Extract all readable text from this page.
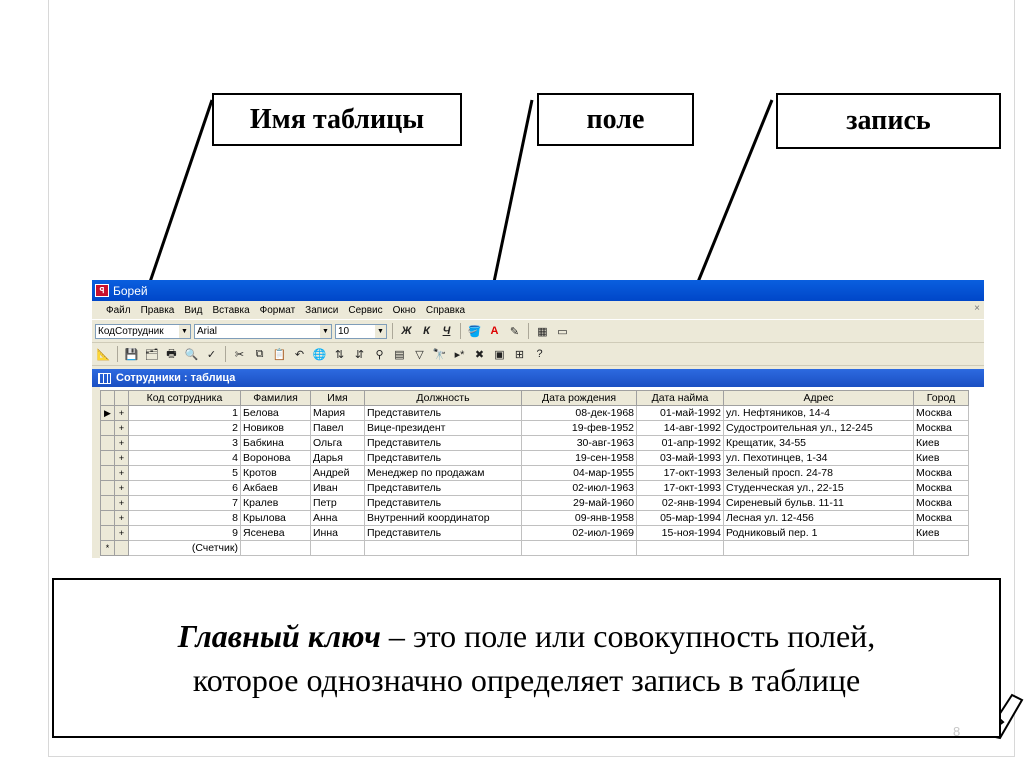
Имя таблицы	поле	запись
ꟼ Борей
Файл	Правка	Вид	Вставка	Формат	Записи	Сервис	Окно	Справка	×
КодСотрудник ▼ Arial	▼ 10	▼	Ж	К	Ч	🪣 A	✎	▦ ▭
📐 💾 🗂 🖶 🔍 ✓	✂	⧉ 📋 ↶ 🌐 ⇅ ⇵	⚲ ▤ ▽ 🔭 ▸* ✖ ▣ ⊞	?
Сотрудники : таблица
		Код сотрудника	Фамилия	Имя	Должность	Дата рождения	Дата найма	Адрес	Город
▶	+	1	Белова	Мария	Представитель	08-дек-1968	01-май-1992	ул. Нефтяников, 14-4	Москва
	+	2	Новиков	Павел	Вице-президент	19-фев-1952	14-авг-1992	Судостроительная ул., 12-245	Москва
	+	3	Бабкина	Ольга	Представитель	30-авг-1963	01-апр-1992	Крещатик, 34-55	Киев
	+	4	Воронова	Дарья	Представитель	19-сен-1958	03-май-1993	ул. Пехотинцев, 1-34	Киев
	+	5	Кротов	Андрей	Менеджер по продажам	04-мар-1955	17-окт-1993	Зеленый просп. 24-78	Москва
	+	6	Акбаев	Иван	Представитель	02-июл-1963	17-окт-1993	Студенческая ул., 22-15	Москва
	+	7	Кралев	Петр	Представитель	29-май-1960	02-янв-1994	Сиреневый бульв. 11-11	Москва
	+	8	Крылова	Анна	Внутренний координатор	09-янв-1958	05-мар-1994	Лесная ул. 12-456	Москва
	+	9	Ясенева	Инна	Представитель	02-июл-1969	15-ноя-1994	Родниковый пер. 1	Киев
*		(Счетчик)							
Главный ключ – это поле или совокупность полей,
которое однозначно определяет запись в таблице
8
